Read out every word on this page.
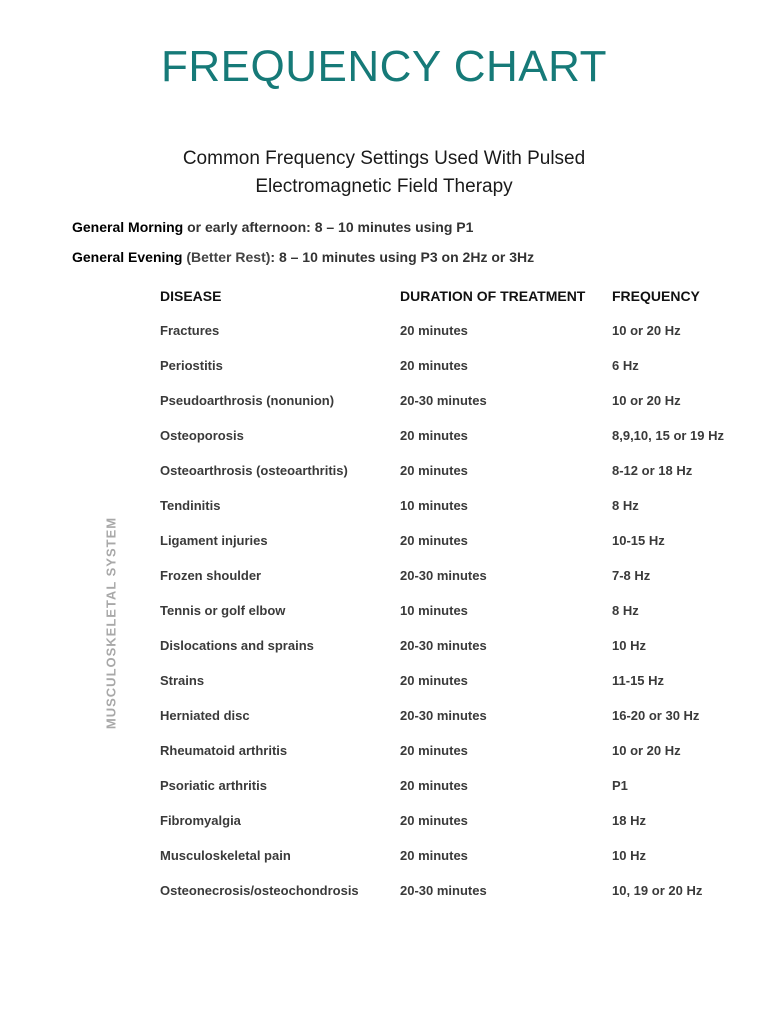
FREQUENCY CHART
Common Frequency Settings Used With Pulsed
Electromagnetic Field Therapy
General Morning or early afternoon: 8 – 10 minutes using P1
General Evening (Better Rest): 8 – 10 minutes using P3 on 2Hz or 3Hz
MUSCULOSKELETAL SYSTEM
DISEASE	DURATION OF TREATMENT	FREQUENCY
Fractures	20 minutes	10 or 20 Hz
Periostitis	20 minutes	6 Hz
Pseudoarthrosis (nonunion)	20-30 minutes	10 or 20 Hz
Osteoporosis	20 minutes	8,9,10, 15 or 19 Hz
Osteoarthrosis (osteoarthritis)	20 minutes	8-12 or 18 Hz
Tendinitis	10 minutes	8 Hz
Ligament injuries	20 minutes	10-15 Hz
Frozen shoulder	20-30 minutes	7-8 Hz
Tennis or golf elbow	10 minutes	8 Hz
Dislocations and sprains	20-30 minutes	10 Hz
Strains	20 minutes	11-15 Hz
Herniated disc	20-30 minutes	16-20 or 30 Hz
Rheumatoid arthritis	20 minutes	10 or 20 Hz
Psoriatic arthritis	20 minutes	P1
Fibromyalgia	20 minutes	18 Hz
Musculoskeletal pain	20 minutes	10 Hz
Osteonecrosis/osteochondrosis	20-30 minutes	10, 19 or 20 Hz
